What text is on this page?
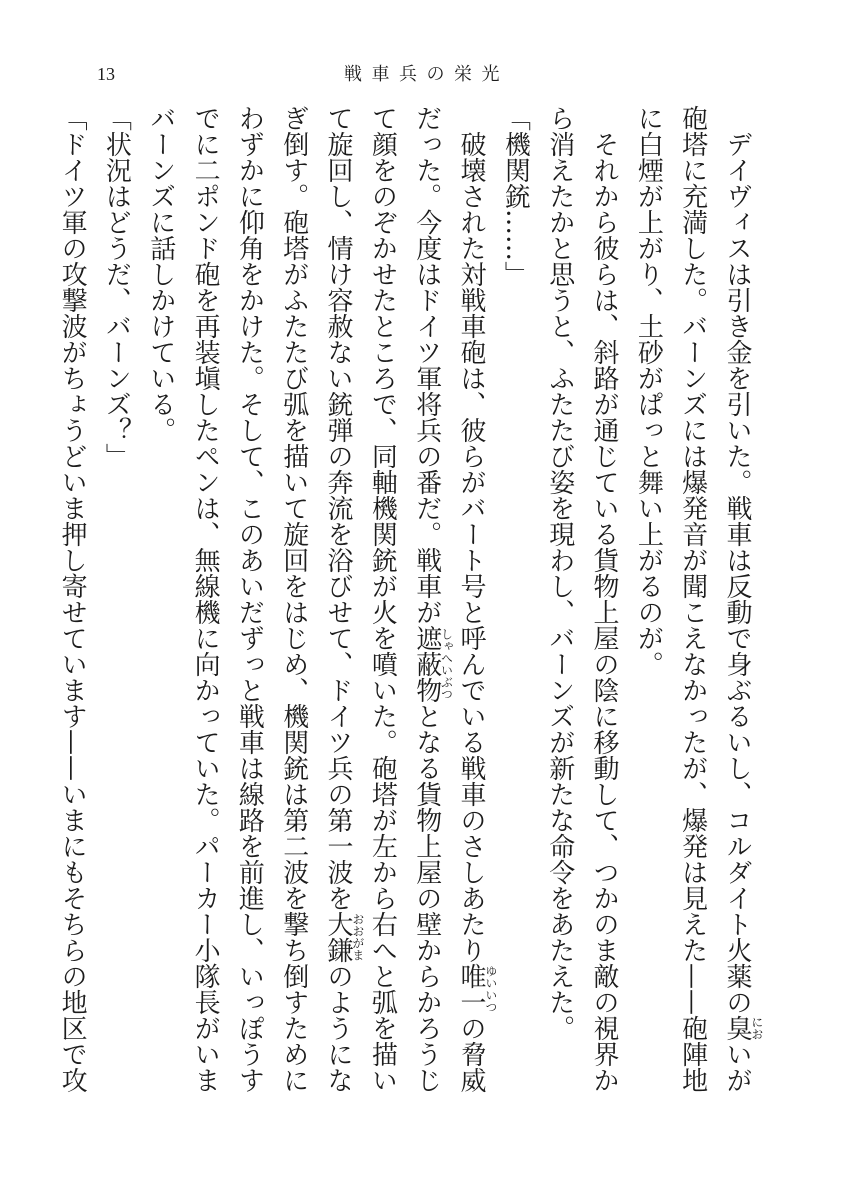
13	戦車兵の栄光
デイヴィスは引き金を引いた。戦車は反動で身ぶるいし、コルダイト火薬の
にお
臭いが
砲塔に充満した。バーンズには爆発音が聞こえなかったが、爆発は見えた——砲陣地
に白煙が上がり、土砂がぱっと舞い上がるのが。
それから彼らは、斜路が通じている貨物上屋の陰に移動して、つかのま敵の視界か
ら消えたかと思うと、ふたたび姿を現わし、バーンズが新たな命令をあたえた。
「機関銃……」
破壊された対戦車砲は、彼らがバート号と呼んでいる戦車のさしあたり
ゆいいつ
唯一の脅威
だった。今度はドイツ軍将兵の番だ。戦車が
しゃへいぶつ
遮蔽物となる貨物上屋の壁からかろうじ
て顔をのぞかせたところで、同軸機関銃が火を噴いた。砲塔が左から右へと弧を描い
て旋回し、情け容赦ない銃弾の奔流を浴びせて、ドイツ兵の第一波を
おおがま
大鎌のようにな
ぎ倒す。砲塔がふたたび弧を描いて旋回をはじめ、機関銃は第二波を撃ち倒すために
わずかに仰角をかけた。そして、このあいだずっと戦車は線路を前進し、いっぽうす
でに二ポンド砲を再装塡したペンは、無線機に向かっていた。パーカー小隊長がいま
バーンズに話しかけている。
「状況はどうだ、バーンズ？」
「ドイツ軍の攻撃波がちょうどいま押し寄せています——いまにもそちらの地区で攻
